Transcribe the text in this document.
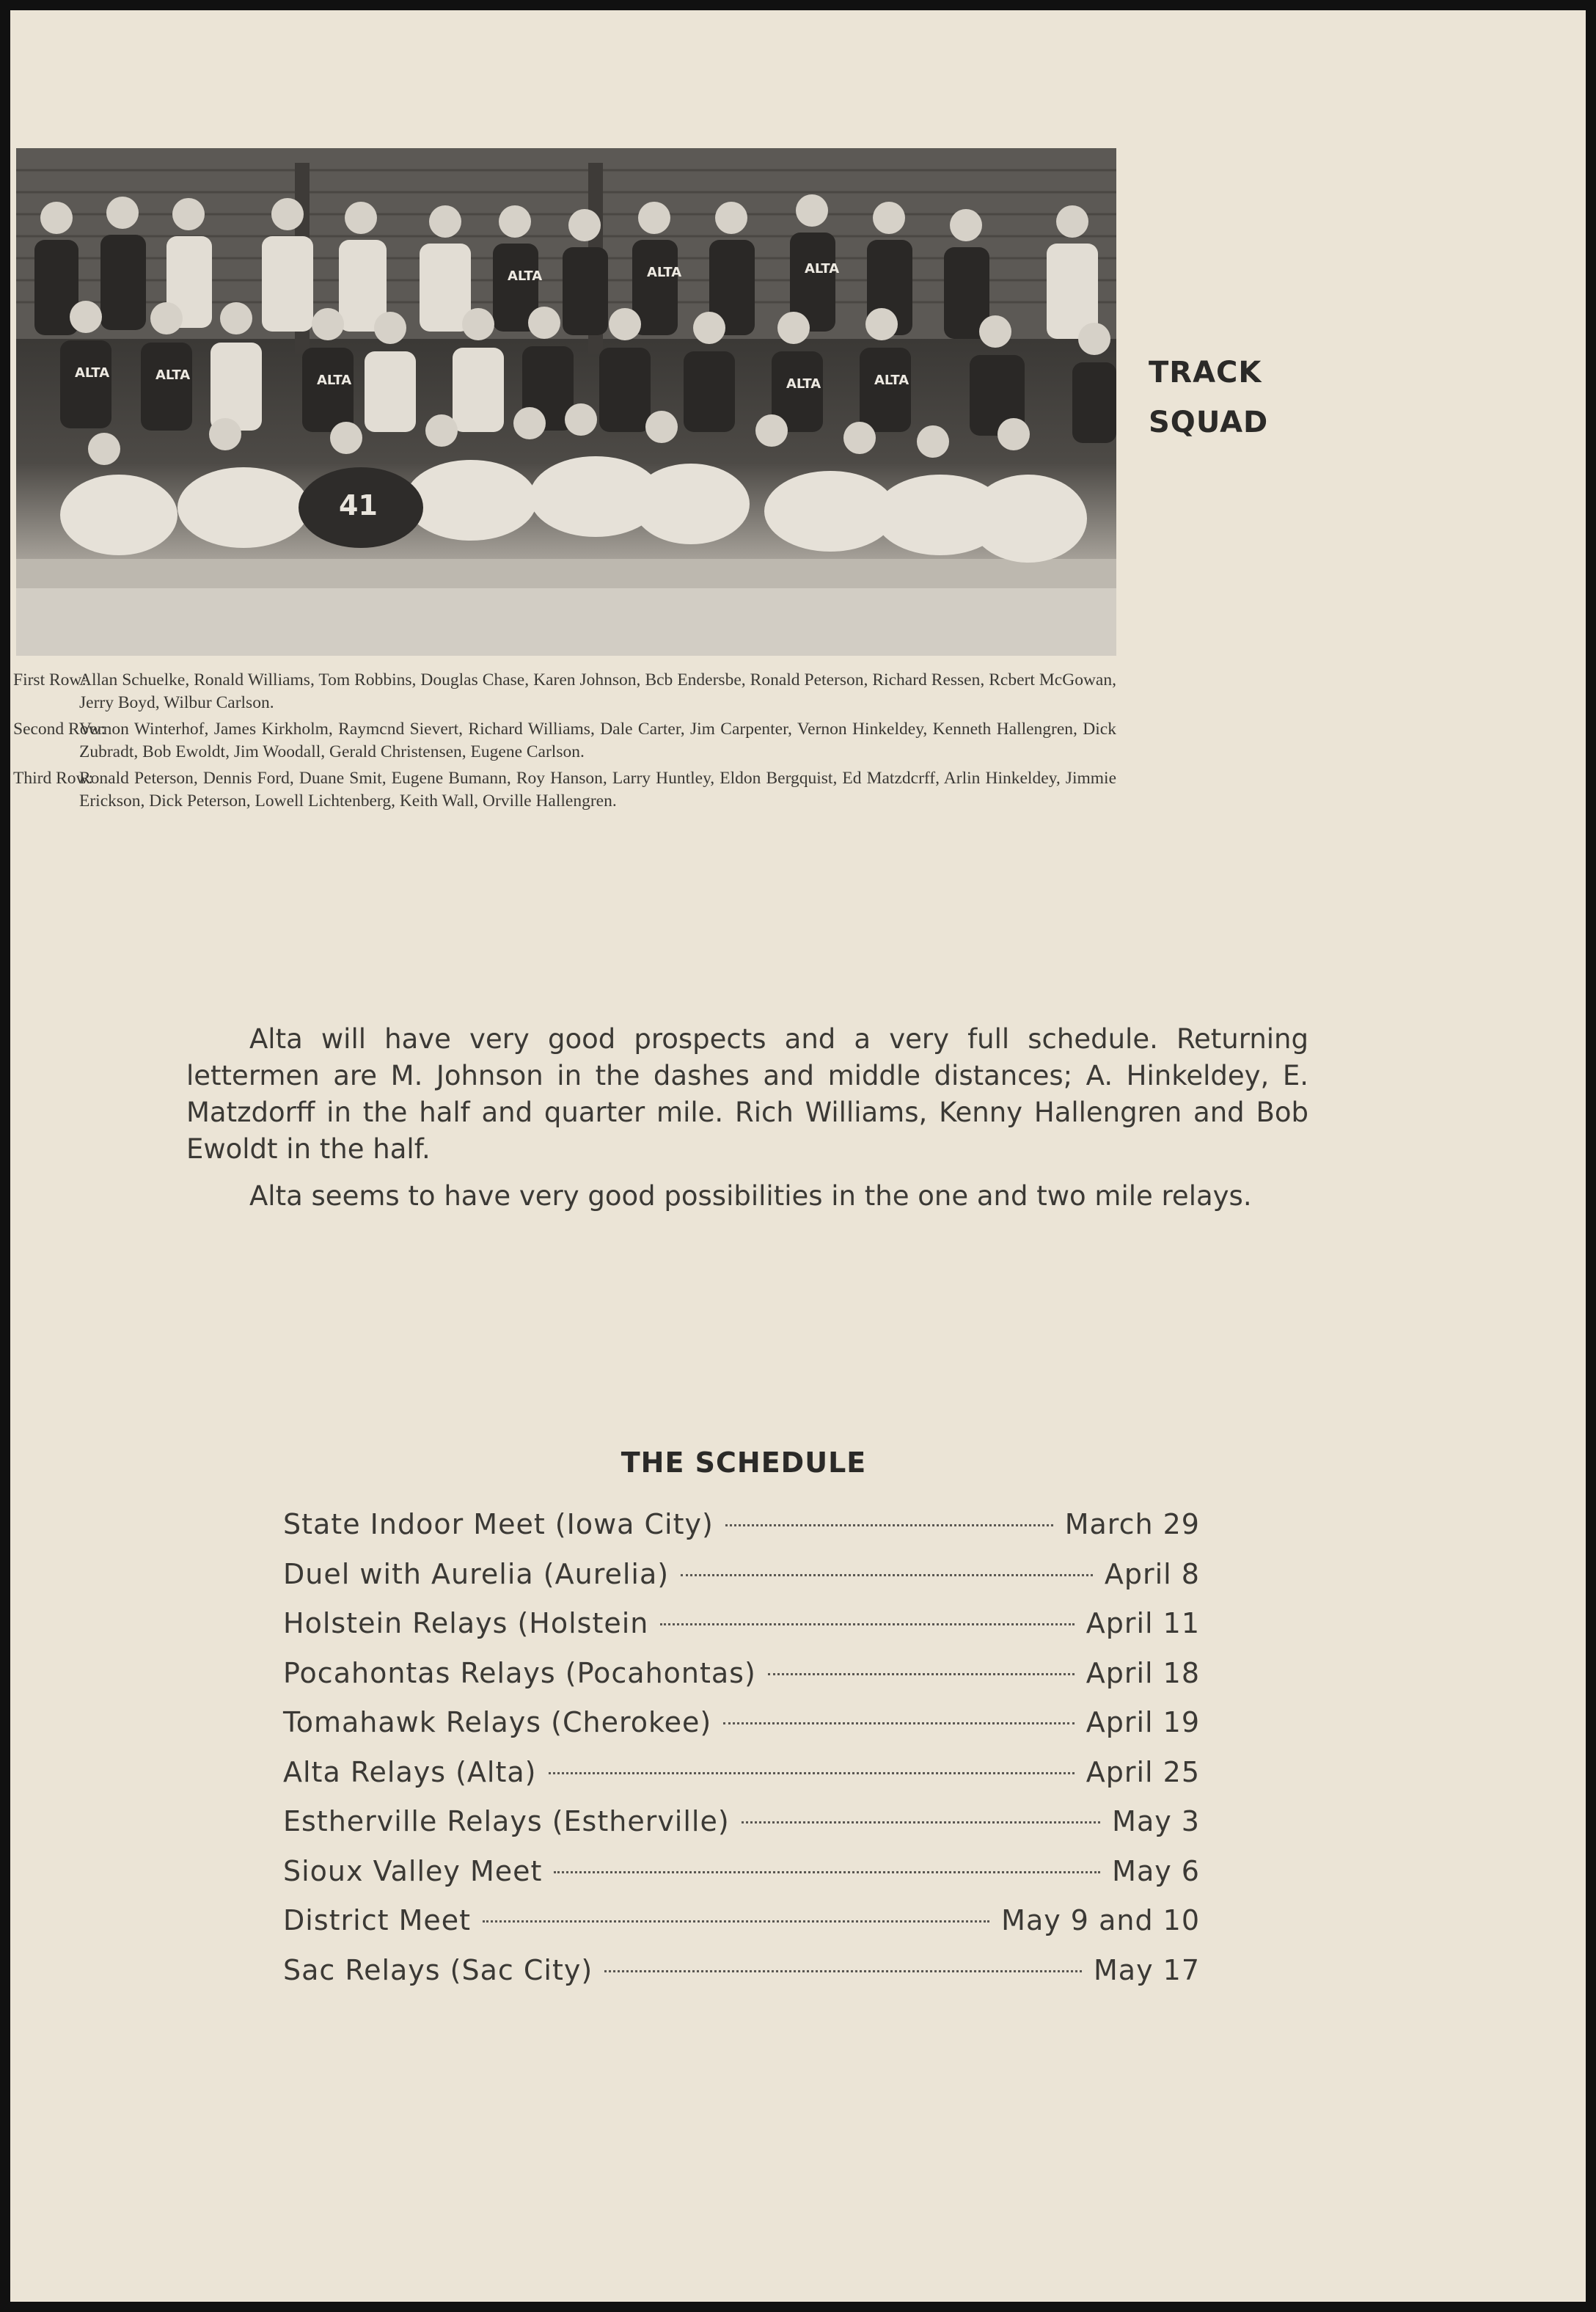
ALTA	ALTA	ALTA
ALTA	ALTA	ALTA
ALTA	ALTA
41
TRACK
SQUAD

First Row:
Allan Schuelke, Ronald Williams, Tom Robbins, Douglas Chase, Karen Johnson, Bcb Endersbe, Ronald Peterson, Richard Ressen, Rcbert McGowan, Jerry Boyd, Wilbur Carlson.

Second Row:
Vernon Winterhof, James Kirkholm, Raymcnd Sievert, Richard Williams, Dale Carter, Jim Carpenter, Vernon Hinkeldey, Kenneth Hallengren, Dick Zubradt, Bob Ewoldt, Jim Woodall, Gerald Christensen, Eugene Carlson.

Third Row:
Ronald Peterson, Dennis Ford, Duane Smit, Eugene Bumann, Roy Hanson, Larry Huntley, Eldon Bergquist, Ed Matzdcrff, Arlin Hinkeldey, Jimmie Erickson, Dick Peterson, Lowell Lichtenberg, Keith Wall, Orville Hallengren.

Alta will have very good prospects and a very full schedule. Returning lettermen are M. Johnson in the dashes and middle distances; A. Hinkeldey, E. Matzdorff in the half and quarter mile. Rich Williams, Kenny Hallengren and Bob Ewoldt in the half.

Alta seems to have very good possibilities in the one and two mile relays.

THE SCHEDULE
State Indoor Meet (Iowa City)	March 29
Duel with Aurelia (Aurelia)	April 8
Holstein Relays (Holstein	April 11
Pocahontas Relays (Pocahontas)	April 18
Tomahawk Relays (Cherokee)	April 19
Alta Relays (Alta)	April 25
Estherville Relays (Estherville)	May 3
Sioux Valley Meet	May 6
District Meet	May 9 and 10
Sac Relays (Sac City)	May 17
